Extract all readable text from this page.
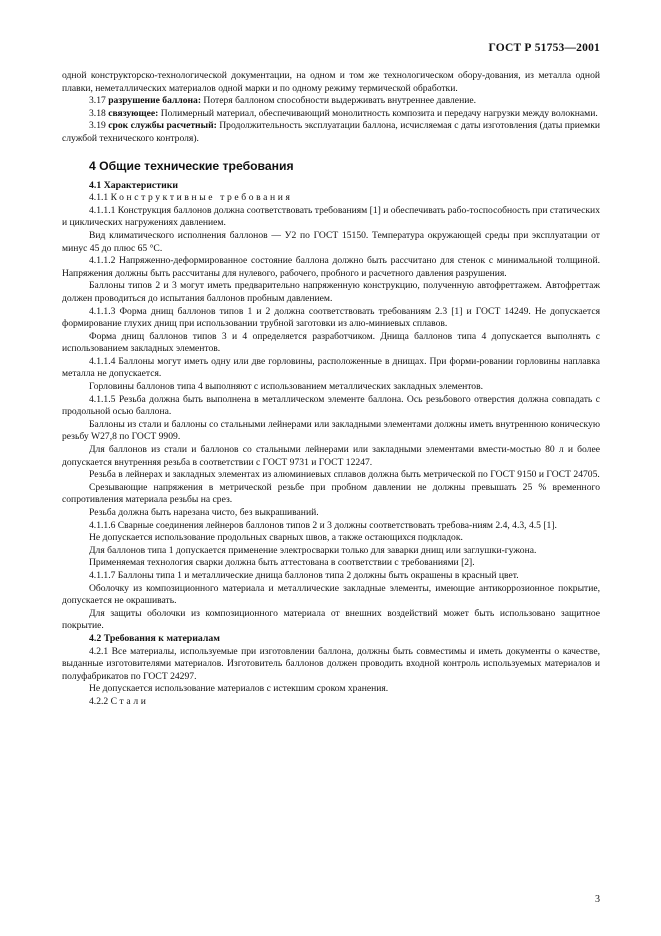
ГОСТ Р 51753—2001

одной конструкторско-технологической документации, на одном и том же технологическом обору-дования, из металла одной плавки, неметаллических материалов одной марки и по одному режиму термической обработки.

3.17 разрушение баллона: Потеря баллоном способности выдерживать внутреннее давление.

3.18 связующее: Полимерный материал, обеспечивающий монолитность композита и передачу нагрузки между волокнами.

3.19 срок службы расчетный: Продолжительность эксплуатации баллона, исчисляемая с даты изготовления (даты приемки службой технического контроля).

4 Общие технические требования

4.1 Характеристики

4.1.1 Конструктивные требования

4.1.1.1 Конструкция баллонов должна соответствовать требованиям [1] и обеспечивать рабо-тоспособность при статических и циклических нагружениях давлением.

Вид климатического исполнения баллонов — У2 по ГОСТ 15150. Температура окружающей среды при эксплуатации от минус 45 до плюс 65 °С.

4.1.1.2 Напряженно-деформированное состояние баллона должно быть рассчитано для стенок с минимальной толщиной. Напряжения должны быть рассчитаны для нулевого, рабочего, пробного и расчетного давления разрушения.

Баллоны типов 2 и 3 могут иметь предварительно напряженную конструкцию, полученную автофреттажем. Автофреттаж должен проводиться до испытания баллонов пробным давлением.

4.1.1.3 Форма днищ баллонов типов 1 и 2 должна соответствовать требованиям 2.3 [1] и ГОСТ 14249. Не допускается формирование глухих днищ при использовании трубной заготовки из алю-миниевых сплавов.

Форма днищ баллонов типов 3 и 4 определяется разработчиком. Днища баллонов типа 4 допускается выполнять с использованием закладных элементов.

4.1.1.4 Баллоны могут иметь одну или две горловины, расположенные в днищах. При форми-ровании горловины наплавка металла не допускается.

Горловины баллонов типа 4 выполняют с использованием металлических закладных элементов.

4.1.1.5 Резьба должна быть выполнена в металлическом элементе баллона. Ось резьбового отверстия должна совпадать с продольной осью баллона.

Баллоны из стали и баллоны со стальными лейнерами или закладными элементами должны иметь внутреннюю коническую резьбу W27,8 по ГОСТ 9909.

Для баллонов из стали и баллонов со стальными лейнерами или закладными элементами вмести-мостью 80 л и более допускается внутренняя резьба в соответствии с ГОСТ 9731 и ГОСТ 12247.

Резьба в лейнерах и закладных элементах из алюминиевых сплавов должна быть метрической по ГОСТ 9150 и ГОСТ 24705.

Срезывающие напряжения в метрической резьбе при пробном давлении не должны превышать 25 % временного сопротивления материала резьбы на срез.

Резьба должна быть нарезана чисто, без выкрашиваний.

4.1.1.6 Сварные соединения лейнеров баллонов типов 2 и 3 должны соответствовать требова-ниям 2.4, 4.3, 4.5 [1].

Не допускается использование продольных сварных швов, а также остающихся подкладок.

Для баллонов типа 1 допускается применение электросварки только для заварки днищ или заглушки-гужона.

Применяемая технология сварки должна быть аттестована в соответствии с требованиями [2].

4.1.1.7 Баллоны типа 1 и металлические днища баллонов типа 2 должны быть окрашены в красный цвет.

Оболочку из композиционного материала и металлические закладные элементы, имеющие антикоррозионное покрытие, допускается не окрашивать.

Для защиты оболочки из композиционного материала от внешних воздействий может быть использовано защитное покрытие.

4.2 Требования к материалам

4.2.1 Все материалы, используемые при изготовлении баллона, должны быть совместимы и иметь документы о качестве, выданные изготовителями материалов. Изготовитель баллонов должен проводить входной контроль используемых материалов и полуфабрикатов по ГОСТ 24297.

Не допускается использование материалов с истекшим сроком хранения.

4.2.2 Стали

3
